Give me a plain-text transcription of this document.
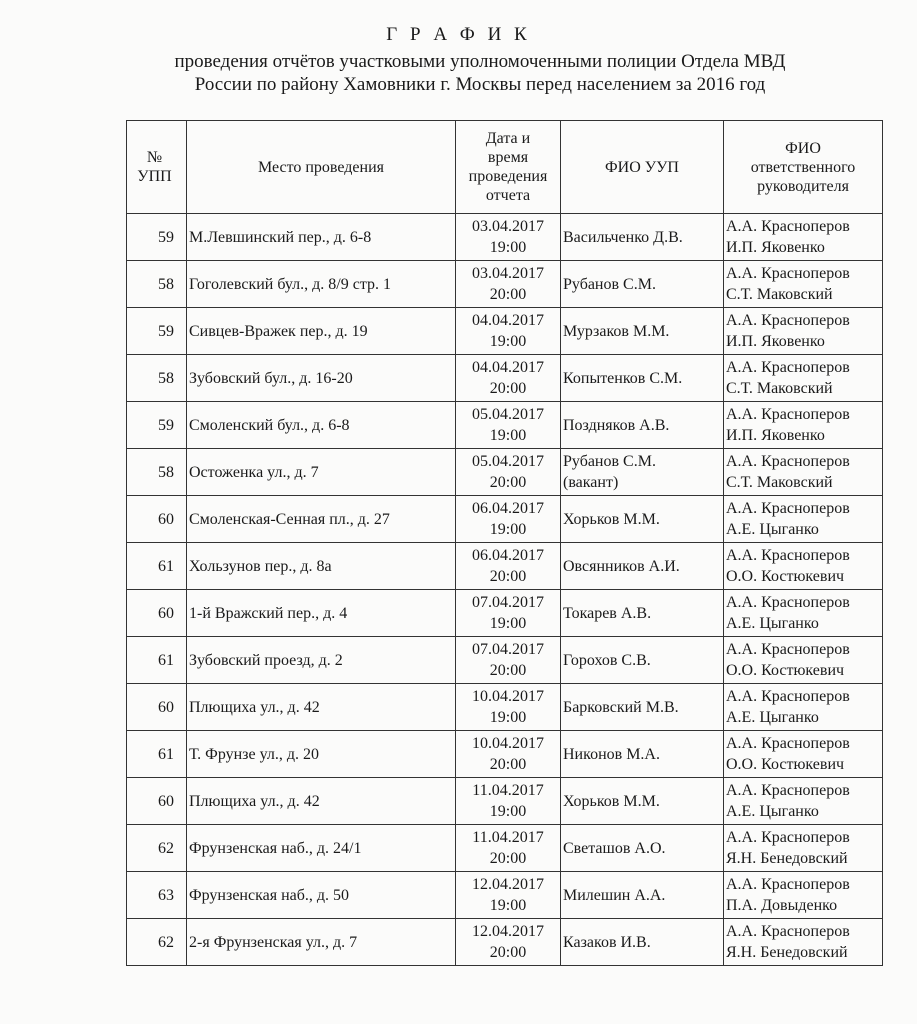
Г Р А Ф И К
проведения отчётов участковыми уполномоченными полиции Отдела МВД
России по району Хамовники г. Москвы перед населением за 2016 год
№
УПП	Место проведения	Дата и
время
проведения
отчета	ФИО УУП	ФИО
ответственного
руководителя

59	М.Левшинский пер., д. 6-8	03.04.2017
19:00	Васильченко Д.В.	А.А. Красноперов
И.П. Яковенко

58	Гоголевский бул., д. 8/9 стр. 1	03.04.2017
20:00	Рубанов С.М.	А.А. Красноперов
С.Т. Маковский

59	Сивцев-Вражек пер., д. 19	04.04.2017
19:00	Мурзаков М.М.	А.А. Красноперов
И.П. Яковенко

58	Зубовский бул., д. 16-20	04.04.2017
20:00	Копытенков С.М.	А.А. Красноперов
С.Т. Маковский

59	Смоленский бул., д. 6-8	05.04.2017
19:00	Поздняков А.В.	А.А. Красноперов
И.П. Яковенко

58	Остоженка ул., д. 7	05.04.2017
20:00	Рубанов С.М.
(вакант)	А.А. Красноперов
С.Т. Маковский

60	Смоленская-Сенная пл., д. 27	06.04.2017
19:00	Хорьков М.М.	А.А. Красноперов
А.Е. Цыганко

61	Хользунов пер., д. 8а	06.04.2017
20:00	Овсянников А.И.	А.А. Красноперов
О.О. Костюкевич

60	1-й Вражский пер., д. 4	07.04.2017
19:00	Токарев А.В.	А.А. Красноперов
А.Е. Цыганко

61	Зубовский проезд, д. 2	07.04.2017
20:00	Горохов С.В.	А.А. Красноперов
О.О. Костюкевич

60	Плющиха ул., д. 42	10.04.2017
19:00	Барковский М.В.	А.А. Красноперов
А.Е. Цыганко

61	Т. Фрунзе ул., д. 20	10.04.2017
20:00	Никонов М.А.	А.А. Красноперов
О.О. Костюкевич

60	Плющиха ул., д. 42	11.04.2017
19:00	Хорьков М.М.	А.А. Красноперов
А.Е. Цыганко

62	Фрунзенская наб., д. 24/1	11.04.2017
20:00	Светашов А.О.	А.А. Красноперов
Я.Н. Бенедовский

63	Фрунзенская наб., д. 50	12.04.2017
19:00	Милешин А.А.	А.А. Красноперов
П.А. Довыденко

62	2-я Фрунзенская ул., д. 7	12.04.2017
20:00	Казаков И.В.	А.А. Красноперов
Я.Н. Бенедовский
